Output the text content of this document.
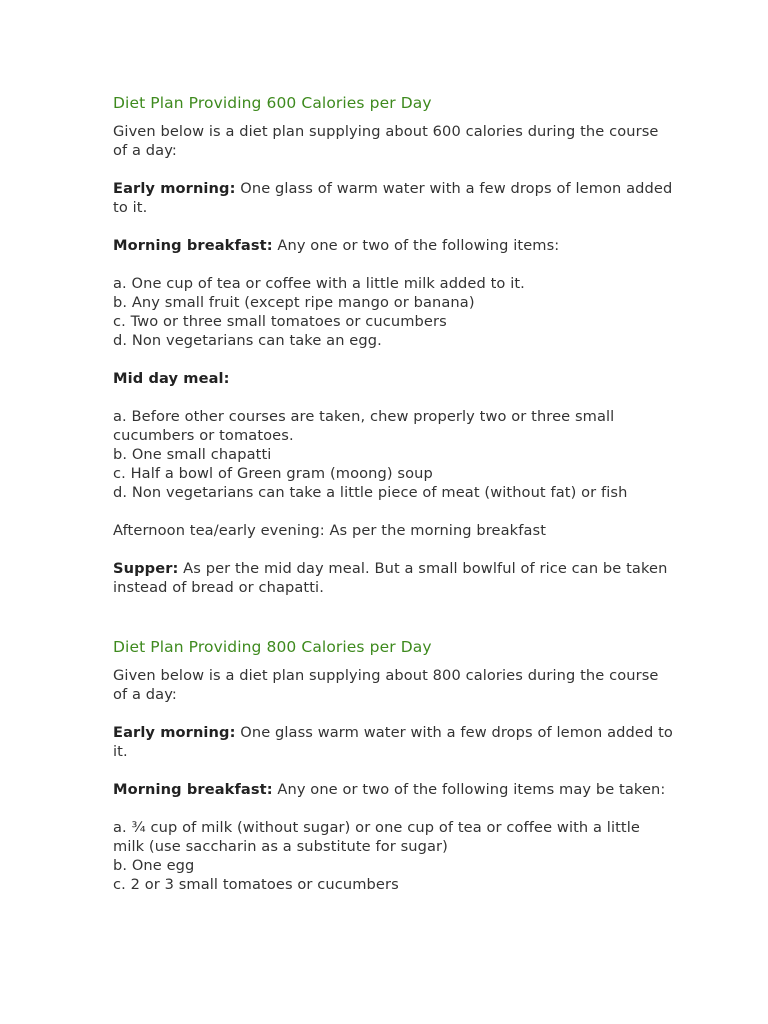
Diet Plan Providing 600 Calories per Day

Given below is a diet plan supplying about 600 calories during the course of a day:

Early morning: One glass of warm water with a few drops of lemon added to it.

Morning breakfast: Any one or two of the following items:

a. One cup of tea or coffee with a little milk added to it.
b. Any small fruit (except ripe mango or banana)
c. Two or three small tomatoes or cucumbers
d. Non vegetarians can take an egg.

Mid day meal:

a. Before other courses are taken, chew properly two or three small cucumbers or tomatoes.
b. One small chapatti
c. Half a bowl of Green gram (moong) soup
d. Non vegetarians can take a little piece of meat (without fat) or fish

Afternoon tea/early evening: As per the morning breakfast

Supper: As per the mid day meal. But a small bowlful of rice can be taken instead of bread or chapatti.

Diet Plan Providing 800 Calories per Day

Given below is a diet plan supplying about 800 calories during the course of a day:

Early morning: One glass warm water with a few drops of lemon added to it.

Morning breakfast: Any one or two of the following items may be taken:

a. ¾ cup of milk (without sugar) or one cup of tea or coffee with a little milk (use saccharin as a substitute for sugar)
b. One egg
c. 2 or 3 small tomatoes or cucumbers
